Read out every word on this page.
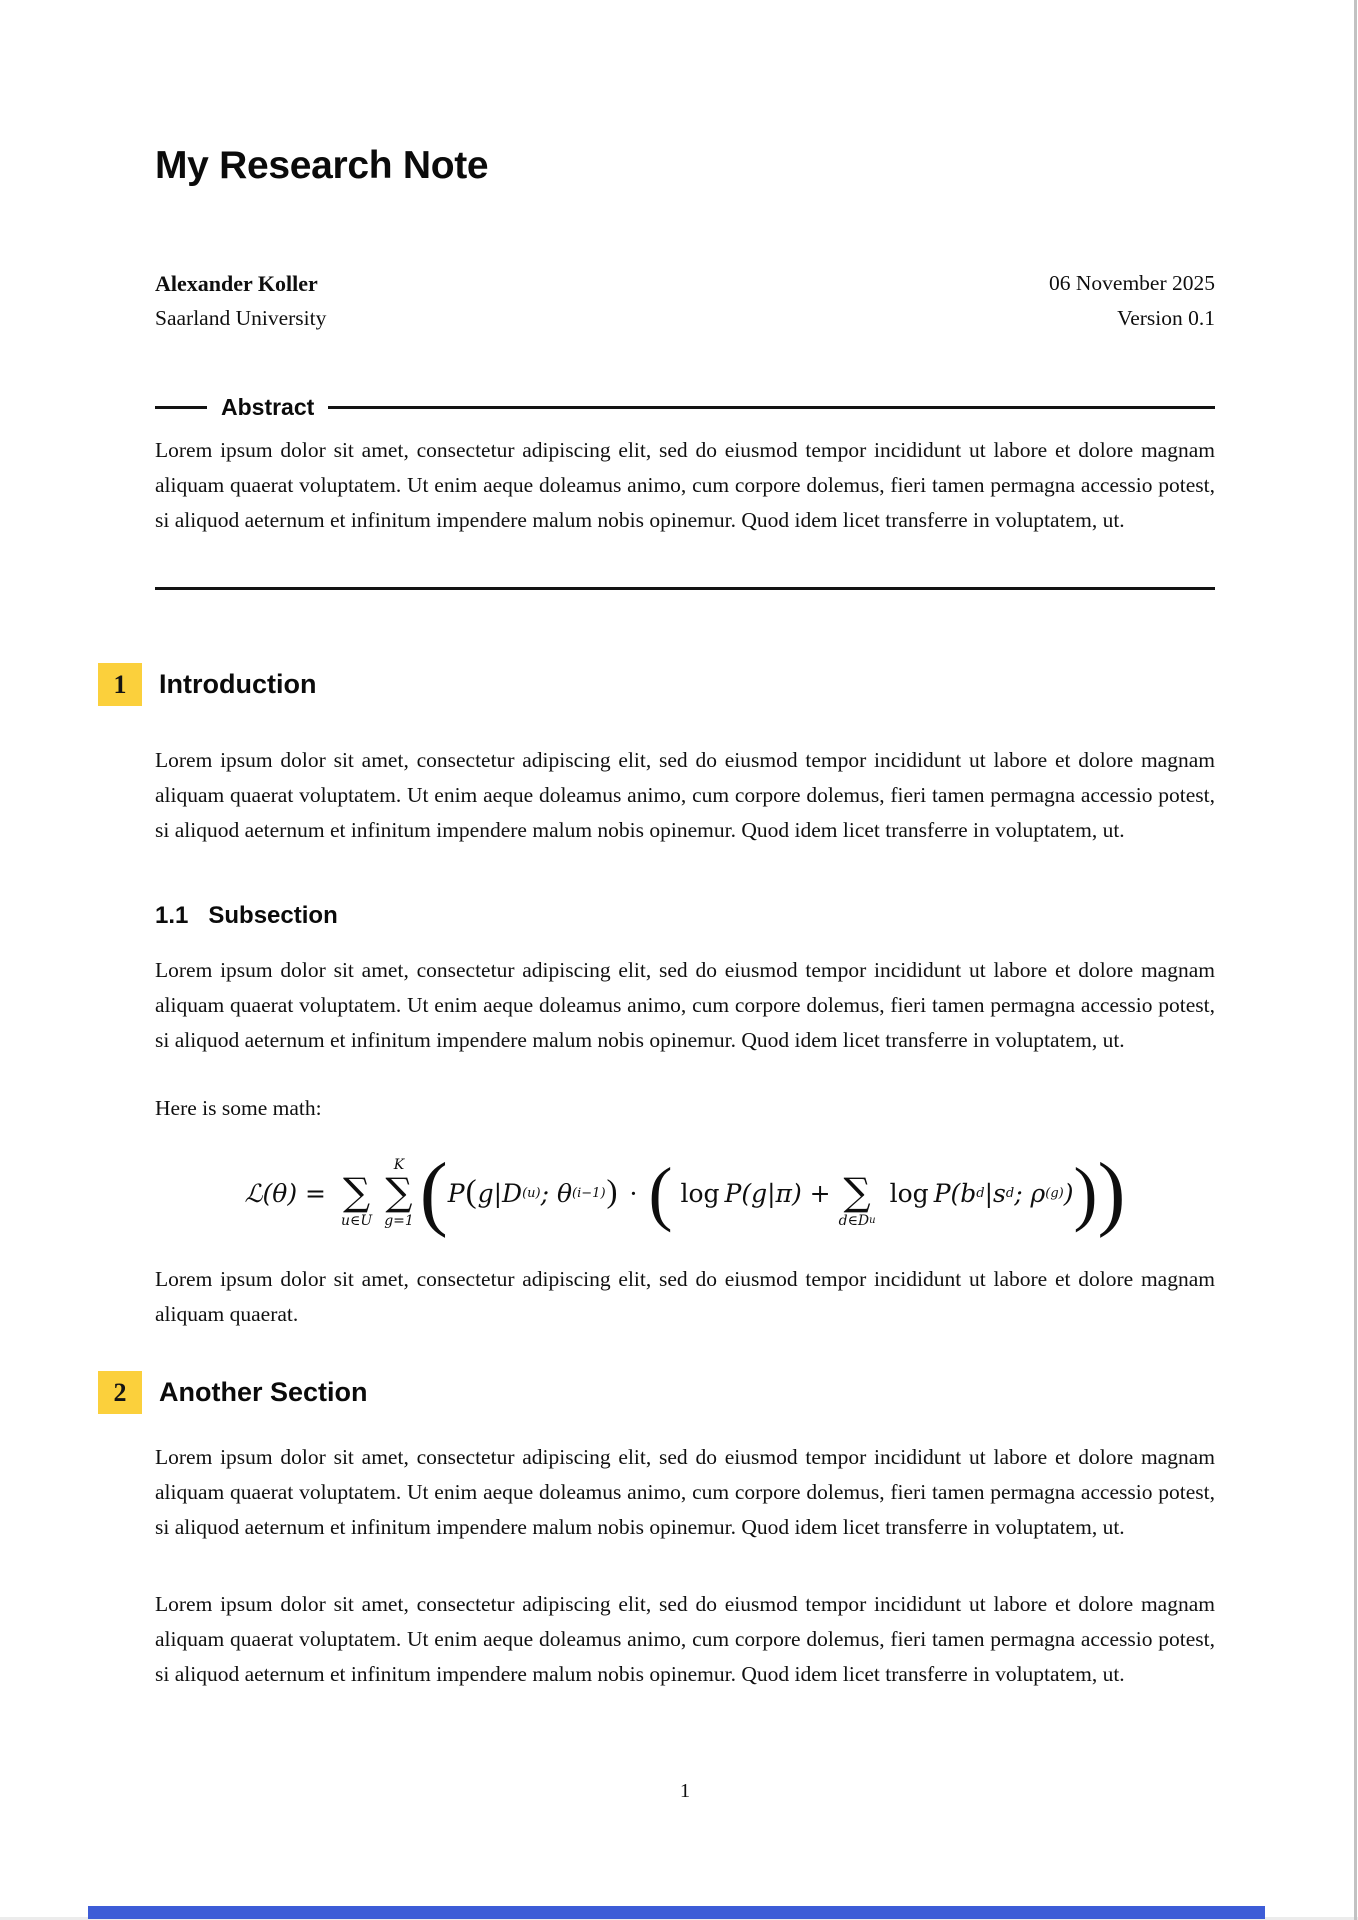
My Research Note
Alexander Koller
Saarland University
06 November 2025
Version 0.1
Abstract
Lorem ipsum dolor sit amet, consectetur adipiscing elit, sed do eiusmod tempor incididunt ut labore et dolore magnam aliquam quaerat voluptatem. Ut enim aeque doleamus animo, cum corpore dolemus, fieri tamen permagna accessio potest, si aliquod aeternum et infinitum impendere malum nobis opinemur. Quod idem licet transferre in voluptatem, ut.
1	Introduction
Lorem ipsum dolor sit amet, consectetur adipiscing elit, sed do eiusmod tempor incididunt ut labore et dolore magnam aliquam quaerat voluptatem. Ut enim aeque doleamus animo, cum corpore dolemus, fieri tamen permagna accessio potest, si aliquod aeternum et infinitum impendere malum nobis opinemur. Quod idem licet transferre in voluptatem, ut.
1.1 Subsection
Lorem ipsum dolor sit amet, consectetur adipiscing elit, sed do eiusmod tempor incididunt ut labore et dolore magnam aliquam quaerat voluptatem. Ut enim aeque doleamus animo, cum corpore dolemus, fieri tamen permagna accessio potest, si aliquod aeternum et infinitum impendere malum nobis opinemur. Quod idem licet transferre in voluptatem, ut.
Here is some math:
ℒ(θ) = ∑
u∈U
K
∑
g=1 ( P ( g|D (u) ; θ (i−1) ) · ( log P(g|π) + ∑
d∈D u
log P(b d |s d ; ρ (g) ) ) )
Lorem ipsum dolor sit amet, consectetur adipiscing elit, sed do eiusmod tempor incididunt ut labore et dolore magnam aliquam quaerat.
2	Another Section
Lorem ipsum dolor sit amet, consectetur adipiscing elit, sed do eiusmod tempor incididunt ut labore et dolore magnam aliquam quaerat voluptatem. Ut enim aeque doleamus animo, cum corpore dolemus, fieri tamen permagna accessio potest, si aliquod aeternum et infinitum impendere malum nobis opinemur. Quod idem licet transferre in voluptatem, ut.
Lorem ipsum dolor sit amet, consectetur adipiscing elit, sed do eiusmod tempor incididunt ut labore et dolore magnam aliquam quaerat voluptatem. Ut enim aeque doleamus animo, cum corpore dolemus, fieri tamen permagna accessio potest, si aliquod aeternum et infinitum impendere malum nobis opinemur. Quod idem licet transferre in voluptatem, ut.
1
